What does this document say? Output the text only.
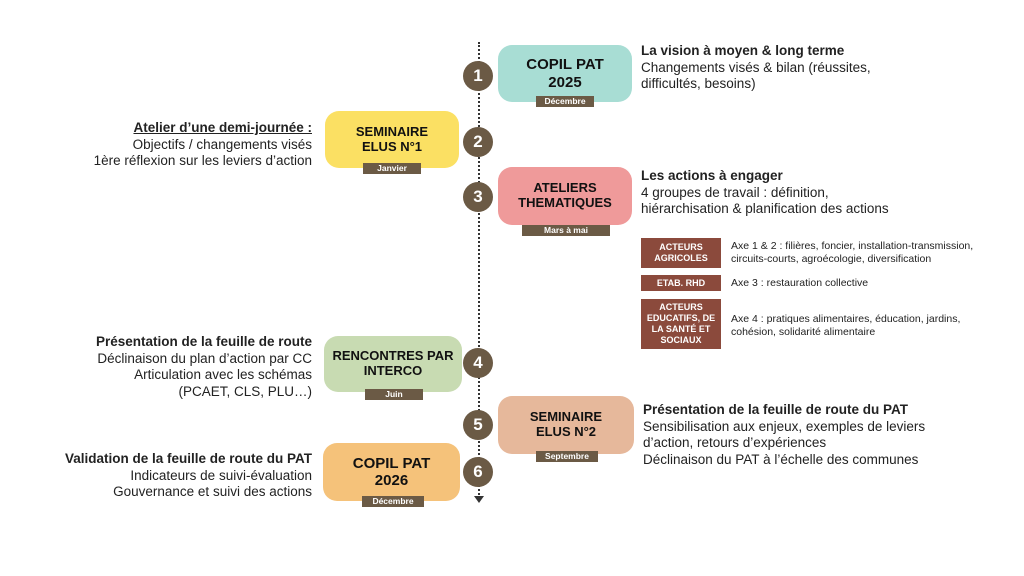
1
2
3
4
5
6
COPIL PAT
2025
Décembre
SEMINAIRE
ELUS N°1
Janvier
ATELIERS
THEMATIQUES
Mars à mai
RENCONTRES PAR
INTERCO
Juin
SEMINAIRE
ELUS N°2
Septembre
COPIL PAT
2026
Décembre
La vision à moyen & long terme
Changements visés & bilan (réussites,
difficultés, besoins)
Atelier d’une demi-journée :
Objectifs / changements visés
1ère réflexion sur les leviers d’action
Les actions à engager
4 groupes de travail : définition,
hiérarchisation & planification des actions
Présentation de la feuille de route
Déclinaison du plan d’action par CC
Articulation avec les schémas
(PCAET, CLS, PLU…)
Présentation de la feuille de route du PAT
Sensibilisation aux enjeux, exemples de leviers
d’action, retours d’expériences
Déclinaison du PAT à l’échelle des communes
Validation de la feuille de route du PAT
Indicateurs de suivi-évaluation
Gouvernance et suivi des actions
ACTEURS
AGRICOLES
Axe 1 & 2 : filières, foncier, installation-transmission,
circuits-courts, agroécologie, diversification
ETAB. RHD	Axe 3 : restauration collective
ACTEURS
EDUCATIFS, DE
LA SANTÉ ET
SOCIAUX
Axe 4 : pratiques alimentaires, éducation, jardins,
cohésion, solidarité alimentaire
